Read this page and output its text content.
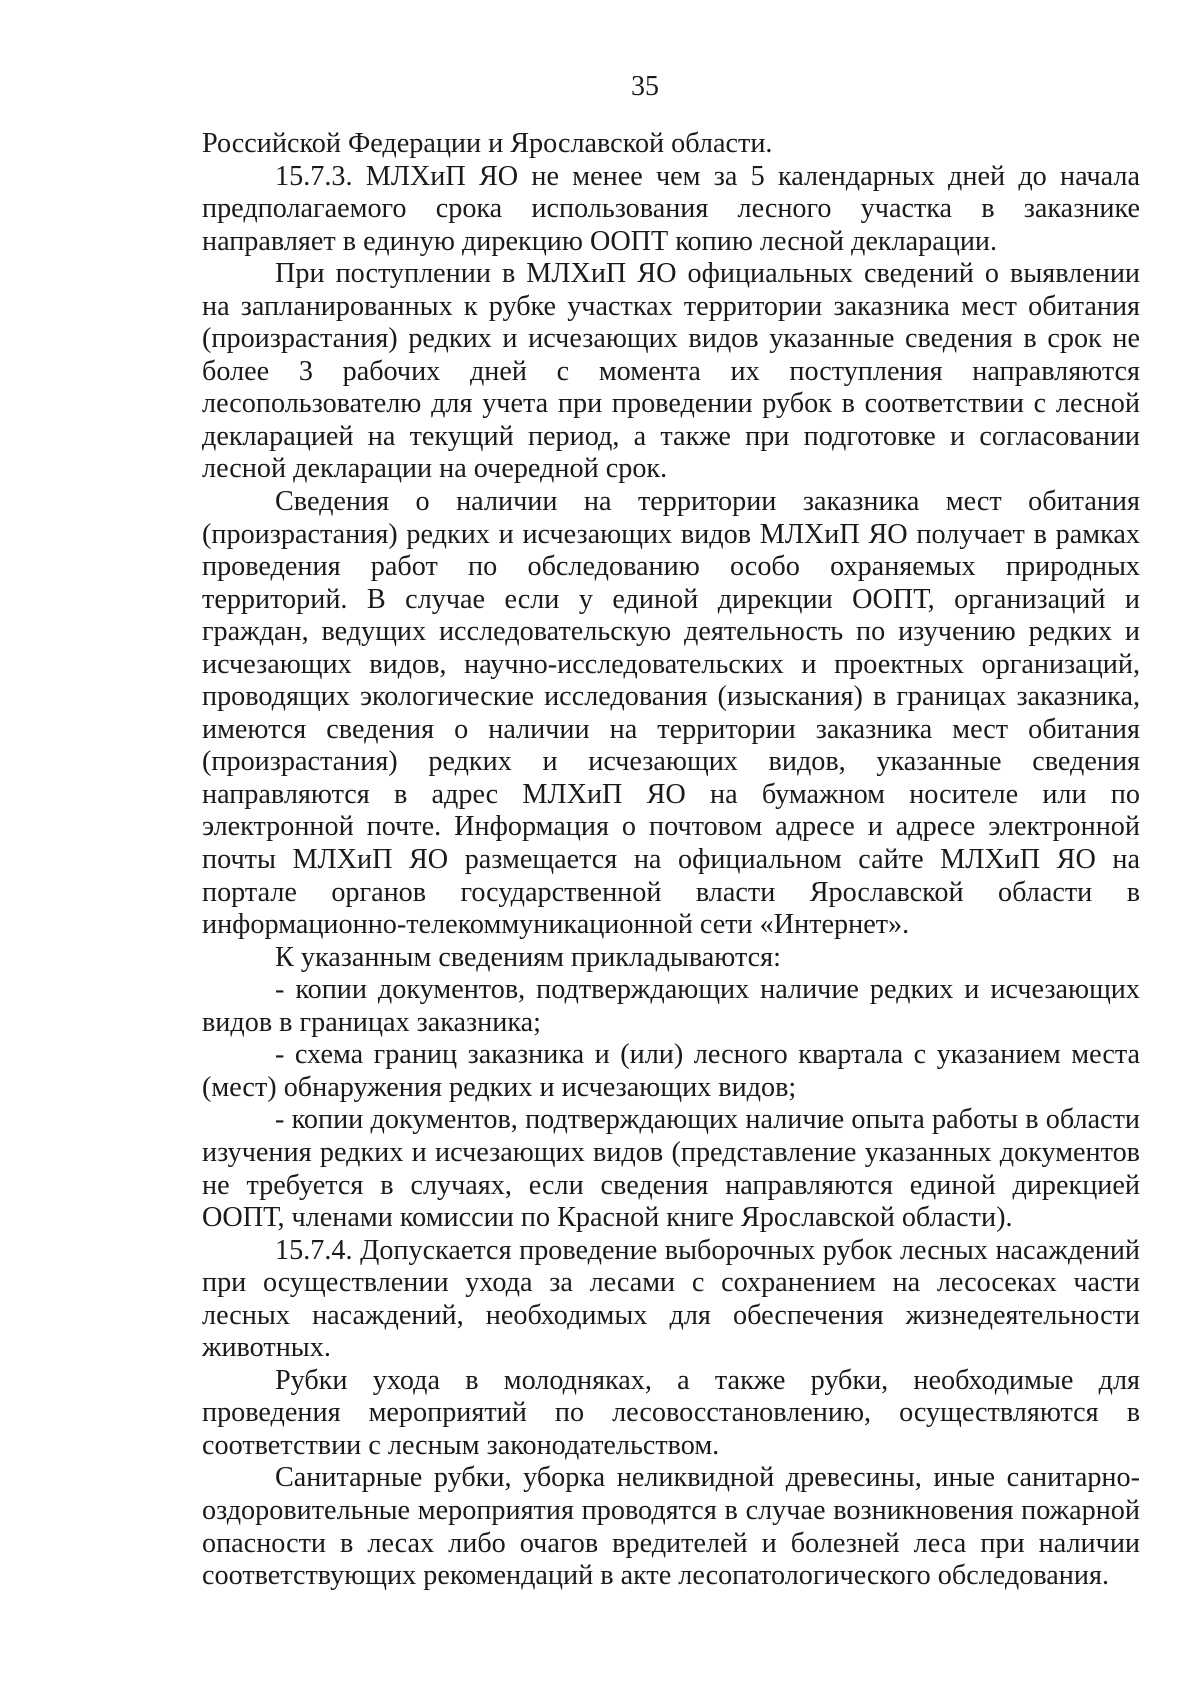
35

Российской Федерации и Ярославской области.

15.7.3. МЛХиП ЯО не менее чем за 5 календарных дней до начала предполагаемого срока использования лесного участка в заказнике направляет в единую дирекцию ООПТ копию лесной декларации.

При поступлении в МЛХиП ЯО официальных сведений о выявлении на запланированных к рубке участках территории заказника мест обитания (произрастания) редких и исчезающих видов указанные сведения в срок не более 3 рабочих дней с момента их поступления направляются лесопользователю для учета при проведении рубок в соответствии с лесной декларацией на текущий период, а также при подготовке и согласовании лесной декларации на очередной срок.

Сведения о наличии на территории заказника мест обитания (произрастания) редких и исчезающих видов МЛХиП ЯО получает в рамках проведения работ по обследованию особо охраняемых природных территорий. В случае если у единой дирекции ООПТ, организаций и граждан, ведущих исследовательскую деятельность по изучению редких и исчезающих видов, научно-исследовательских и проектных организаций, проводящих экологические исследования (изыскания) в границах заказника, имеются сведения о наличии на территории заказника мест обитания (произрастания) редких и исчезающих видов, указанные сведения направляются в адрес МЛХиП ЯО на бумажном носителе или по электронной почте. Информация о почтовом адресе и адресе электронной почты МЛХиП ЯО размещается на официальном сайте МЛХиП ЯО на портале органов государственной власти Ярославской области в информационно-телекоммуникационной сети «Интернет».

К указанным сведениям прикладываются:

- копии документов, подтверждающих наличие редких и исчезающих видов в границах заказника;

- схема границ заказника и (или) лесного квартала с указанием места (мест) обнаружения редких и исчезающих видов;

- копии документов, подтверждающих наличие опыта работы в области изучения редких и исчезающих видов (представление указанных документов не требуется в случаях, если сведения направляются единой дирекцией ООПТ, членами комиссии по Красной книге Ярославской области).

15.7.4. Допускается проведение выборочных рубок лесных насаждений при осуществлении ухода за лесами с сохранением на лесосеках части лесных насаждений, необходимых для обеспечения жизнедеятельности животных.

Рубки ухода в молодняках, а также рубки, необходимые для проведения мероприятий по лесовосстановлению, осуществляются в соответствии с лесным законодательством.

Санитарные рубки, уборка неликвидной древесины, иные санитарно-оздоровительные мероприятия проводятся в случае возникновения пожарной опасности в лесах либо очагов вредителей и болезней леса при наличии соответствующих рекомендаций в акте лесопатологического обследования.
